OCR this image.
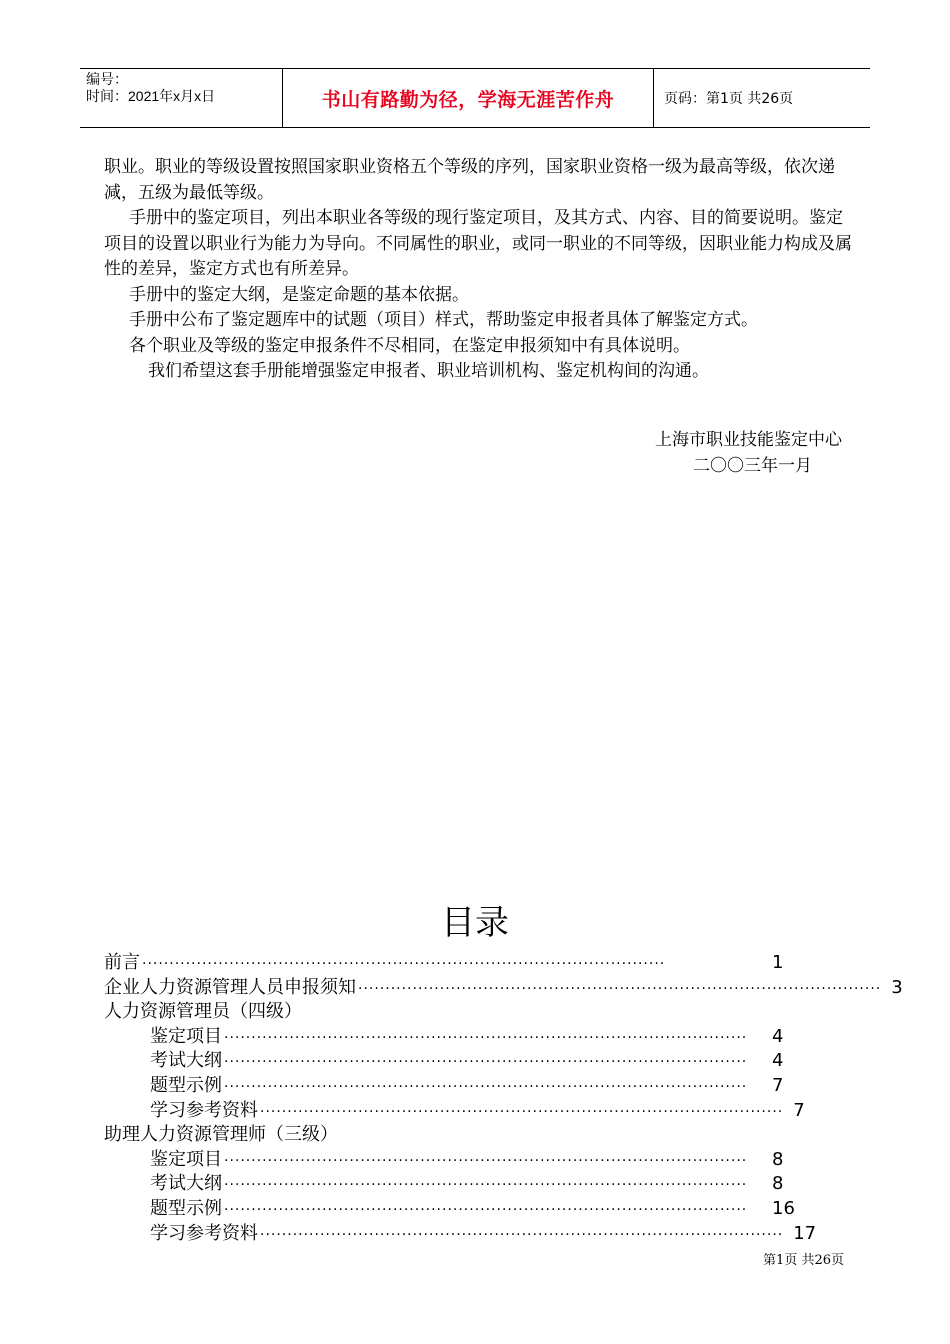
编号：
时间：2021年x月x日	书山有路勤为径，学海无涯苦作舟	页码：第1页 共26页

职业。职业的等级设置按照国家职业资格五个等级的序列，国家职业资格一级为最高等级，依次递减，五级为最低等级。

手册中的鉴定项目，列出本职业各等级的现行鉴定项目，及其方式、内容、目的简要说明。鉴定项目的设置以职业行为能力为导向。不同属性的职业，或同一职业的不同等级，因职业能力构成及属性的差异，鉴定方式也有所差异。

手册中的鉴定大纲，是鉴定命题的基本依据。

手册中公布了鉴定题库中的试题（项目）样式，帮助鉴定申报者具体了解鉴定方式。

各个职业及等级的鉴定申报条件不尽相同，在鉴定申报须知中有具体说明。

我们希望这套手册能增强鉴定申报者、职业培训机构、鉴定机构间的沟通。

上海市职业技能鉴定中心
二〇〇三年一月
目录
前言 ································································································	1
企业人力资源管理人员申报须知 ································································································ 3
人力资源管理员（四级）
鉴定项目 ································································································	4
考试大纲 ································································································	4
题型示例 ································································································	7
学习参考资料 ································································································ 7
助理人力资源管理师（三级）
鉴定项目 ································································································	8
考试大纲 ································································································	8
题型示例 ································································································	16
学习参考资料 ································································································ 17
第1页 共26页
